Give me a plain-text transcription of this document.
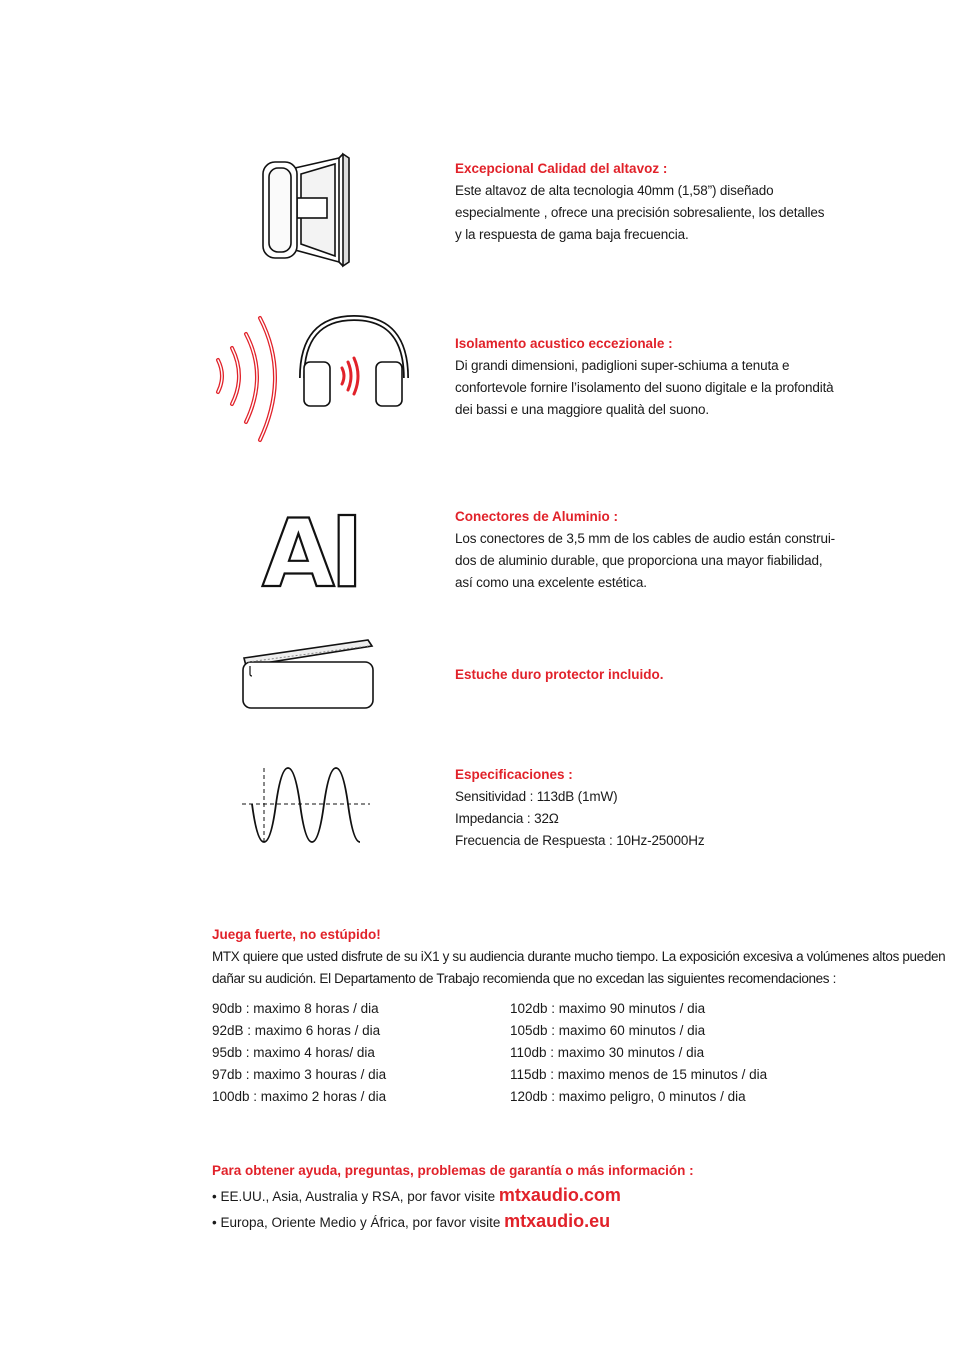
Excepcional Calidad del altavoz :
Este altavoz de alta tecnologia 40mm (1,58”) diseñado
especialmente , ofrece una precisión sobresaliente, los detalles
y la respuesta de gama baja frecuencia.
Isolamento acustico eccezionale :
Di grandi dimensioni, padiglioni super-schiuma a tenuta e
confortevole fornire l’isolamento del suono digitale e la profondità
dei bassi e una maggiore qualità del suono.
Al	Conectores de Aluminio :
Los conectores de 3,5 mm de los cables de audio están construi-
dos de aluminio durable, que proporciona una mayor fiabilidad,
así como una excelente estética.
Estuche duro protector incluido.
Especificaciones :
Sensitividad : 113dB (1mW)
Impedancia : 32Ω
Frecuencia de Respuesta : 10Hz-25000Hz
Juega fuerte, no estúpido!
MTX quiere que usted disfrute de su iX1 y su audiencia durante mucho tiempo. La exposición excesiva a volúmenes altos pueden
dañar su audición. El Departamento de Trabajo recomienda que no excedan las siguientes recomendaciones :
90db : maximo 8 horas / dia
92dB : maximo 6 horas / dia
95db : maximo 4 horas/ dia
97db : maximo 3 houras / dia
100db : maximo 2 horas / dia
102db : maximo 90 minutos / dia
105db : maximo 60 minutos / dia
110db : maximo 30 minutos / dia
115db : maximo menos de 15 minutos / dia
120db : maximo peligro, 0 minutos / dia
Para obtener ayuda, preguntas, problemas de garantía o más información :
• EE.UU., Asia, Australia y RSA, por favor visite mtxaudio.com
• Europa, Oriente Medio y África, por favor visite mtxaudio.eu
